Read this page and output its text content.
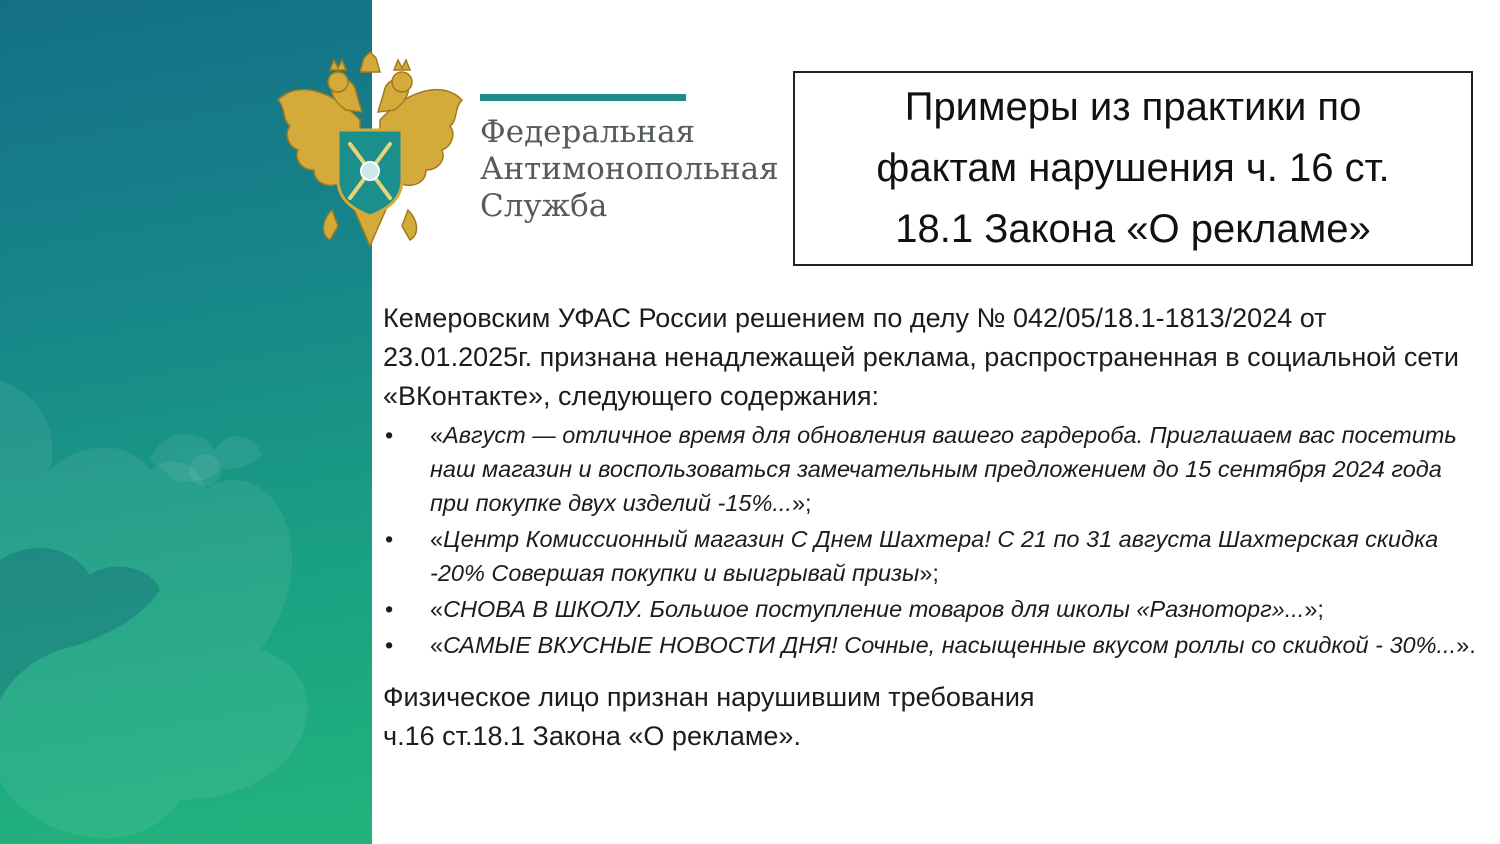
Федеральная
Антимонопольная
Служба
Примеры из практики по фактам нарушения ч. 16 ст. 18.1 Закона «О рекламе»

Кемеровским УФАС России решением по делу № 042/05/18.1-1813/2024 от 23.01.2025г. признана ненадлежащей реклама, распространенная в социальной сети «ВКонтакте», следующего содержания:

• «Август — отличное время для обновления вашего гардероба. Приглашаем вас посетить наш магазин и воспользоваться замечательным предложением до 15 сентября 2024 года при покупке двух изделий -15%...»;
• «Центр Комиссионный магазин С Днем Шахтера! С 21 по 31 августа Шахтерская скидка -20% Совершая покупки и выигрывай призы»;
• «СНОВА В ШКОЛУ. Большое поступление товаров для школы «Разноторг»...»;
• «САМЫЕ ВКУСНЫЕ НОВОСТИ ДНЯ! Сочные, насыщенные вкусом роллы со скидкой - 30%...».

Физическое лицо признан нарушившим требования
ч.16 ст.18.1 Закона «О рекламе».
